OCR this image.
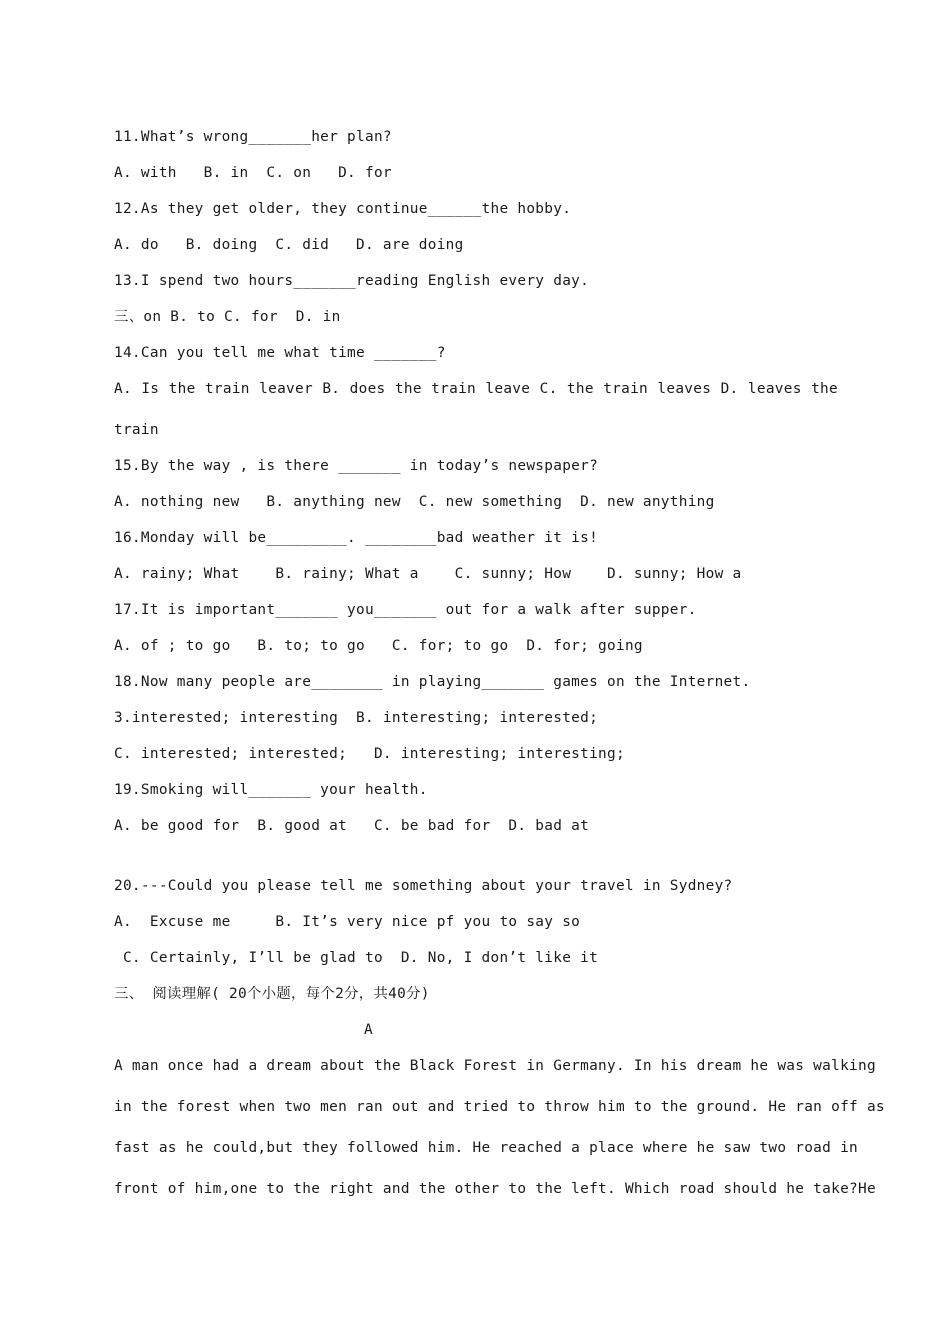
11.What’s wrong_______her plan?
A. with   B. in  C. on   D. for
12.As they get older, they continue______the hobby.
A. do   B. doing  C. did   D. are doing
13.I spend two hours_______reading English every day.
三、on B. to C. for  D. in
14.Can you tell me what time _______?
A. Is the train leaver B. does the train leave C. the train leaves D. leaves the
train
15.By the way , is there _______ in today’s newspaper?
A. nothing new   B. anything new  C. new something  D. new anything
16.Monday will be_________. ________bad weather it is!
A. rainy; What    B. rainy; What a    C. sunny; How    D. sunny; How a
17.It is important_______ you_______ out for a walk after supper.
A. of ; to go   B. to; to go   C. for; to go  D. for; going
18.Now many people are________ in playing_______ games on the Internet.
3.interested; interesting  B. interesting; interested;
C. interested; interested;   D. interesting; interesting;
19.Smoking will_______ your health.
A. be good for  B. good at   C. be bad for  D. bad at
20.---Could you please tell me something about your travel in Sydney?
A.  Excuse me     B. It’s very nice pf you to say so
C. Certainly, I’ll be glad to  D. No, I don’t like it
三、 阅读理解( 20个小题，每个2分，共40分)
A
A man once had a dream about the Black Forest in Germany. In his dream he was walking
in the forest when two men ran out and tried to throw him to the ground. He ran off as
fast as he could,but they followed him. He reached a place where he saw two road in
front of him,one to the right and the other to the left. Which road should he take?He
